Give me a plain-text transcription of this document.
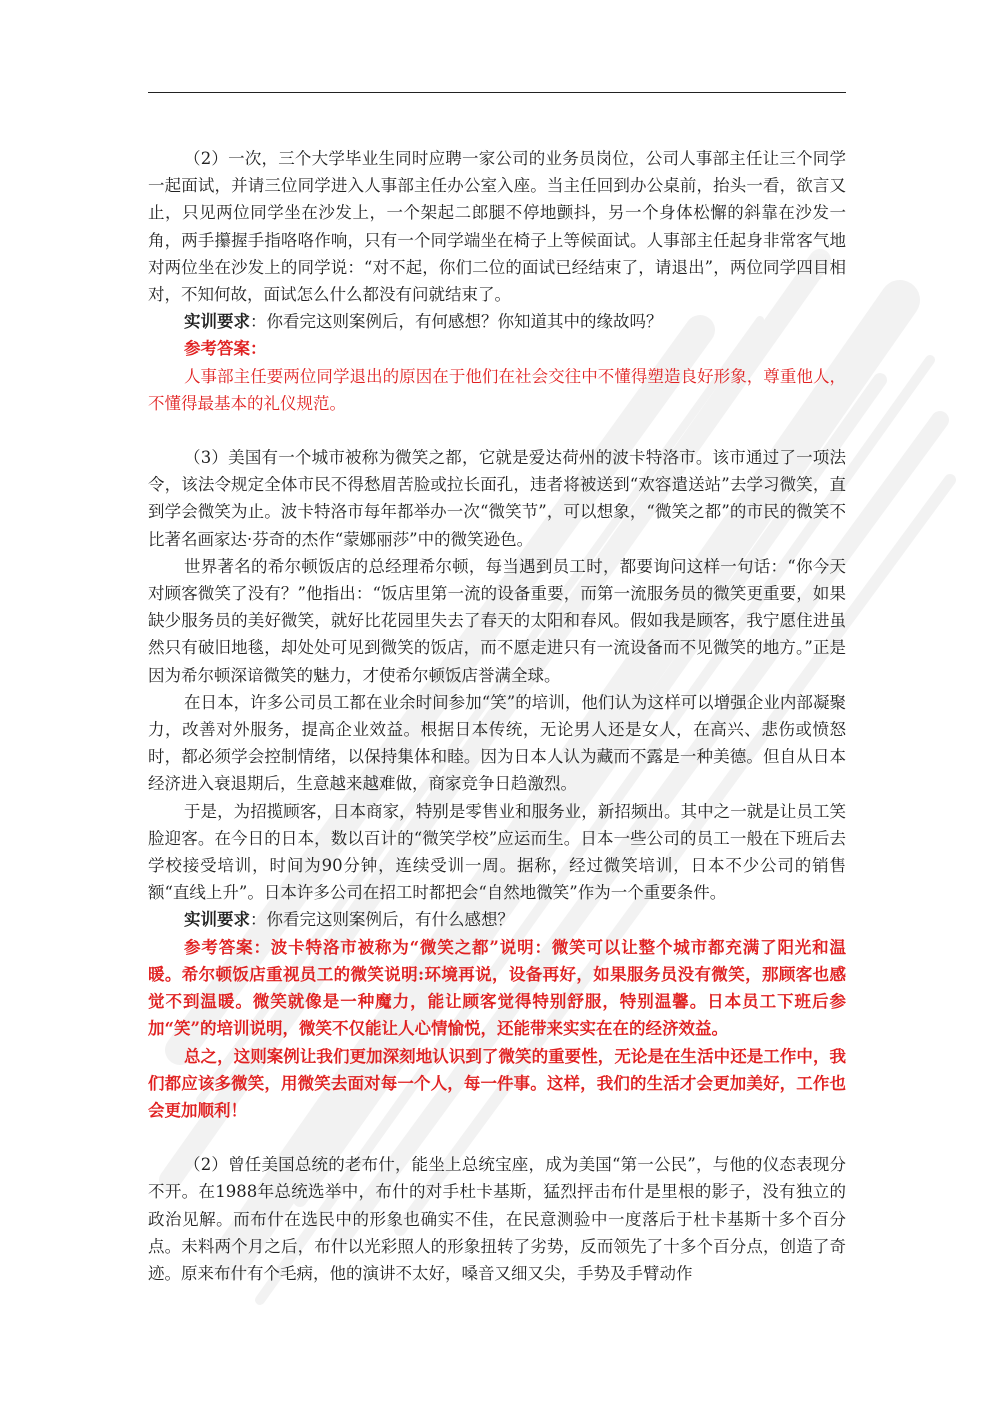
（2）一次，三个大学毕业生同时应聘一家公司的业务员岗位，公司人事部主任让三个同学一起面试，并请三位同学进入人事部主任办公室入座。当主任回到办公桌前，抬头一看，欲言又止，只见两位同学坐在沙发上，一个架起二郎腿不停地颤抖，另一个身体松懈的斜靠在沙发一角，两手攥握手指咯咯作响，只有一个同学端坐在椅子上等候面试。人事部主任起身非常客气地对两位坐在沙发上的同学说：“对不起，你们二位的面试已经结束了，请退出”，两位同学四目相对，不知何故，面试怎么什么都没有问就结束了。

实训要求：你看完这则案例后，有何感想？你知道其中的缘故吗？

参考答案：

人事部主任要两位同学退出的原因在于他们在社会交往中不懂得塑造良好形象，尊重他人，不懂得最基本的礼仪规范。

（3）美国有一个城市被称为微笑之都，它就是爱达荷州的波卡特洛市。该市通过了一项法令，该法令规定全体市民不得愁眉苦脸或拉长面孔，违者将被送到“欢容遣送站”去学习微笑，直到学会微笑为止。波卡特洛市每年都举办一次“微笑节”，可以想象，“微笑之都”的市民的微笑不比著名画家达·芬奇的杰作“蒙娜丽莎”中的微笑逊色。

世界著名的希尔顿饭店的总经理希尔顿，每当遇到员工时，都要询问这样一句话：“你今天对顾客微笑了没有？”他指出：“饭店里第一流的设备重要，而第一流服务员的微笑更重要，如果缺少服务员的美好微笑，就好比花园里失去了春天的太阳和春风。假如我是顾客，我宁愿住进虽然只有破旧地毯，却处处可见到微笑的饭店，而不愿走进只有一流设备而不见微笑的地方。”正是因为希尔顿深谙微笑的魅力，才使希尔顿饭店誉满全球。

在日本，许多公司员工都在业余时间参加“笑”的培训，他们认为这样可以增强企业内部凝聚力，改善对外服务，提高企业效益。根据日本传统，无论男人还是女人，在高兴、悲伤或愤怒时，都必须学会控制情绪，以保持集体和睦。因为日本人认为藏而不露是一种美德。但自从日本经济进入衰退期后，生意越来越难做，商家竞争日趋激烈。

于是，为招揽顾客，日本商家，特别是零售业和服务业，新招频出。其中之一就是让员工笑脸迎客。在今日的日本，数以百计的“微笑学校”应运而生。日本一些公司的员工一般在下班后去学校接受培训，时间为90分钟，连续受训一周。据称，经过微笑培训，日本不少公司的销售额“直线上升”。日本许多公司在招工时都把会“自然地微笑”作为一个重要条件。

实训要求：你看完这则案例后，有什么感想？

参考答案：波卡特洛市被称为“微笑之都”说明：微笑可以让整个城市都充满了阳光和温暖。希尔顿饭店重视员工的微笑说明:环境再说，设备再好，如果服务员没有微笑，那顾客也感觉不到温暖。微笑就像是一种魔力，能让顾客觉得特别舒服，特别温馨。日本员工下班后参加“笑”的培训说明，微笑不仅能让人心情愉悦，还能带来实实在在的经济效益。

总之，这则案例让我们更加深刻地认识到了微笑的重要性，无论是在生活中还是工作中，我们都应该多微笑，用微笑去面对每一个人，每一件事。这样，我们的生活才会更加美好，工作也会更加顺利！

（2）曾任美国总统的老布什，能坐上总统宝座，成为美国“第一公民”，与他的仪态表现分不开。在1988年总统选举中，布什的对手杜卡基斯，猛烈抨击布什是里根的影子，没有独立的政治见解。而布什在选民中的形象也确实不佳，在民意测验中一度落后于杜卡基斯十多个百分点。未料两个月之后，布什以光彩照人的形象扭转了劣势，反而领先了十多个百分点，创造了奇迹。原来布什有个毛病，他的演讲不太好，嗓音又细又尖，手势及手臂动作
